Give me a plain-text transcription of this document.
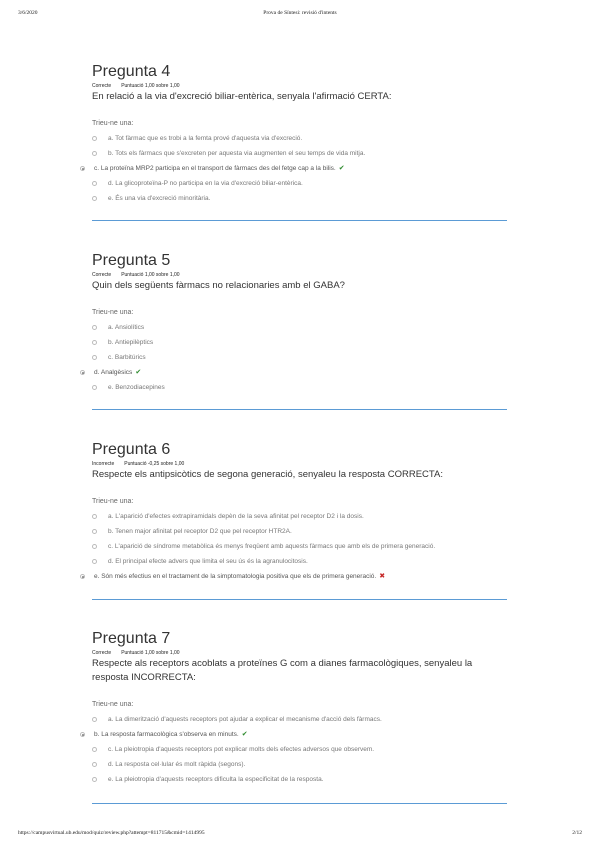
3/6/2020	Prova de Síntesi: revisió d'intents
Pregunta 4
Correcte Puntuació 1,00 sobre 1,00
En relació a la via d'excreció biliar-entèrica, senyala l'afirmació CERTA:
Trieu-ne una:
a. Tot fàrmac que es trobi a la femta prové d'aquesta via d'excreció.
b. Tots els fàrmacs que s'excreten per aquesta via augmenten el seu temps de vida mitja.
c. La proteïna MRP2 participa en el transport de fàrmacs des del fetge cap a la bilis. ✔
d. La glicoproteïna-P no participa en la via d'excreció biliar-entèrica.
e. És una via d'excreció minoritària.
Pregunta 5
Correcte Puntuació 1,00 sobre 1,00
Quin dels següents fàrmacs no relacionaries amb el GABA?
Trieu-ne una:
a. Ansiolítics
b. Antiepilèptics
c. Barbitúrics
d. Analgèsics ✔
e. Benzodiacepines
Pregunta 6
Incorrecte Puntuació -0,25 sobre 1,00
Respecte els antipsicòtics de segona generació, senyaleu la resposta CORRECTA:
Trieu-ne una:
a. L'aparició d'efectes extrapiramidals depèn de la seva afinitat pel receptor D2 i la dosis.
b. Tenen major afinitat pel receptor D2 que pel receptor HTR2A.
c. L'aparició de síndrome metabòlica és menys freqüent amb aquests fàrmacs que amb els de primera generació.
d. El principal efecte advers que limita el seu ús és la agranulocitosis.
e. Són més efectius en el tractament de la simptomatologia positiva que els de primera generació. ✖
Pregunta 7
Correcte Puntuació 1,00 sobre 1,00
Respecte als receptors acoblats a proteïnes G com a dianes farmacològiques, senyaleu la resposta INCORRECTA:
Trieu-ne una:
a. La dimerització d'aquests receptors pot ajudar a explicar el mecanisme d'acció dels fàrmacs.
b. La resposta farmacològica s'observa en minuts. ✔
c. La pleiotropia d'aquests receptors pot explicar molts dels efectes adversos que observem.
d. La resposta cel·lular és molt ràpida (segons).
e. La pleiotropia d'aquests receptors dificulta la especificitat de la resposta.
https://campusvirtual.ub.edu/mod/quiz/review.php?attempt=811715&cmid=1414995	2/12
